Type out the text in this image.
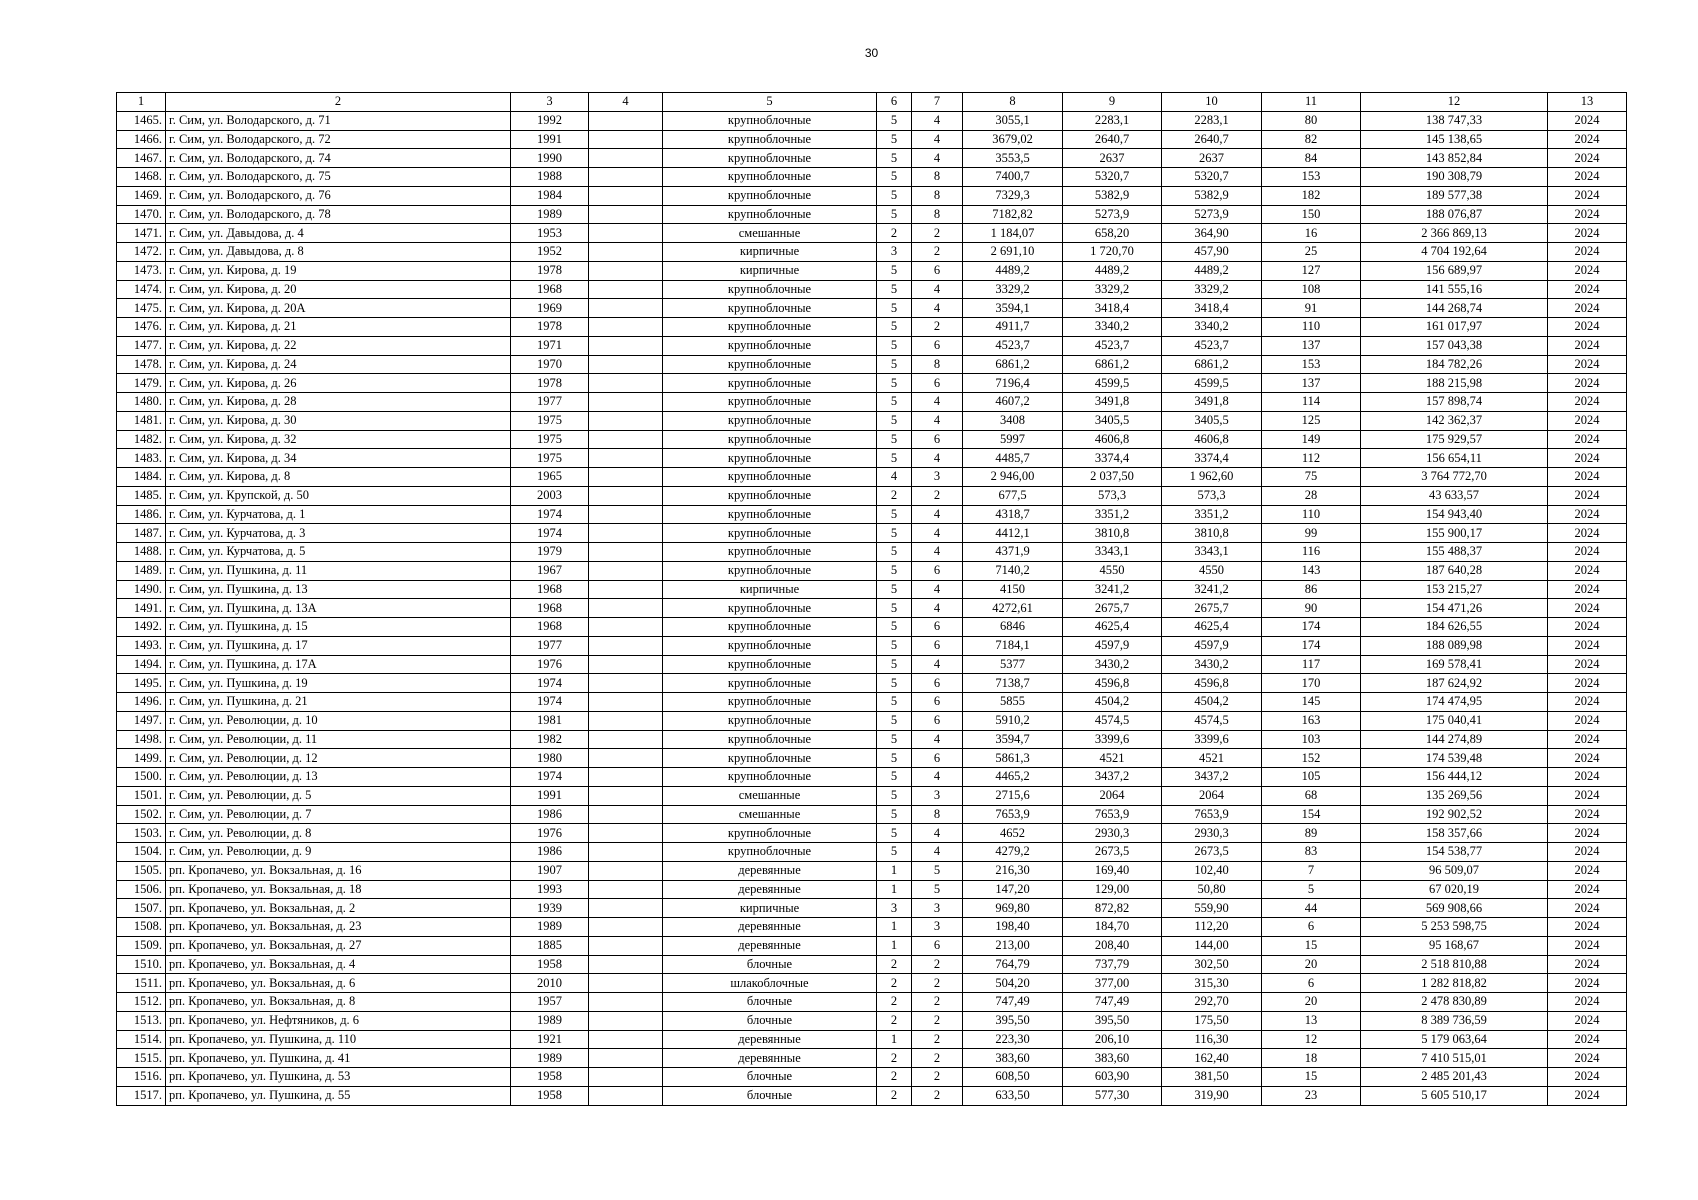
30
1	2	3	4	5	6	7	8	9	10	11	12	13
1465.	г. Сим, ул. Володарского, д. 71	1992		крупноблочные	5	4	3055,1	2283,1	2283,1	80	138 747,33	2024
1466.	г. Сим, ул. Володарского, д. 72	1991		крупноблочные	5	4	3679,02	2640,7	2640,7	82	145 138,65	2024
1467.	г. Сим, ул. Володарского, д. 74	1990		крупноблочные	5	4	3553,5	2637	2637	84	143 852,84	2024
1468.	г. Сим, ул. Володарского, д. 75	1988		крупноблочные	5	8	7400,7	5320,7	5320,7	153	190 308,79	2024
1469.	г. Сим, ул. Володарского, д. 76	1984		крупноблочные	5	8	7329,3	5382,9	5382,9	182	189 577,38	2024
1470.	г. Сим, ул. Володарского, д. 78	1989		крупноблочные	5	8	7182,82	5273,9	5273,9	150	188 076,87	2024
1471.	г. Сим, ул. Давыдова, д. 4	1953		смешанные	2	2	1 184,07	658,20	364,90	16	2 366 869,13	2024
1472.	г. Сим, ул. Давыдова, д. 8	1952		кирпичные	3	2	2 691,10	1 720,70	457,90	25	4 704 192,64	2024
1473.	г. Сим, ул. Кирова, д. 19	1978		кирпичные	5	6	4489,2	4489,2	4489,2	127	156 689,97	2024
1474.	г. Сим, ул. Кирова, д. 20	1968		крупноблочные	5	4	3329,2	3329,2	3329,2	108	141 555,16	2024
1475.	г. Сим, ул. Кирова, д. 20А	1969		крупноблочные	5	4	3594,1	3418,4	3418,4	91	144 268,74	2024
1476.	г. Сим, ул. Кирова, д. 21	1978		крупноблочные	5	2	4911,7	3340,2	3340,2	110	161 017,97	2024
1477.	г. Сим, ул. Кирова, д. 22	1971		крупноблочные	5	6	4523,7	4523,7	4523,7	137	157 043,38	2024
1478.	г. Сим, ул. Кирова, д. 24	1970		крупноблочные	5	8	6861,2	6861,2	6861,2	153	184 782,26	2024
1479.	г. Сим, ул. Кирова, д. 26	1978		крупноблочные	5	6	7196,4	4599,5	4599,5	137	188 215,98	2024
1480.	г. Сим, ул. Кирова, д. 28	1977		крупноблочные	5	4	4607,2	3491,8	3491,8	114	157 898,74	2024
1481.	г. Сим, ул. Кирова, д. 30	1975		крупноблочные	5	4	3408	3405,5	3405,5	125	142 362,37	2024
1482.	г. Сим, ул. Кирова, д. 32	1975		крупноблочные	5	6	5997	4606,8	4606,8	149	175 929,57	2024
1483.	г. Сим, ул. Кирова, д. 34	1975		крупноблочные	5	4	4485,7	3374,4	3374,4	112	156 654,11	2024
1484.	г. Сим, ул. Кирова, д. 8	1965		крупноблочные	4	3	2 946,00	2 037,50	1 962,60	75	3 764 772,70	2024
1485.	г. Сим, ул. Крупской, д. 50	2003		крупноблочные	2	2	677,5	573,3	573,3	28	43 633,57	2024
1486.	г. Сим, ул. Курчатова, д. 1	1974		крупноблочные	5	4	4318,7	3351,2	3351,2	110	154 943,40	2024
1487.	г. Сим, ул. Курчатова, д. 3	1974		крупноблочные	5	4	4412,1	3810,8	3810,8	99	155 900,17	2024
1488.	г. Сим, ул. Курчатова, д. 5	1979		крупноблочные	5	4	4371,9	3343,1	3343,1	116	155 488,37	2024
1489.	г. Сим, ул. Пушкина, д. 11	1967		крупноблочные	5	6	7140,2	4550	4550	143	187 640,28	2024
1490.	г. Сим, ул. Пушкина, д. 13	1968		кирпичные	5	4	4150	3241,2	3241,2	86	153 215,27	2024
1491.	г. Сим, ул. Пушкина, д. 13А	1968		крупноблочные	5	4	4272,61	2675,7	2675,7	90	154 471,26	2024
1492.	г. Сим, ул. Пушкина, д. 15	1968		крупноблочные	5	6	6846	4625,4	4625,4	174	184 626,55	2024
1493.	г. Сим, ул. Пушкина, д. 17	1977		крупноблочные	5	6	7184,1	4597,9	4597,9	174	188 089,98	2024
1494.	г. Сим, ул. Пушкина, д. 17А	1976		крупноблочные	5	4	5377	3430,2	3430,2	117	169 578,41	2024
1495.	г. Сим, ул. Пушкина, д. 19	1974		крупноблочные	5	6	7138,7	4596,8	4596,8	170	187 624,92	2024
1496.	г. Сим, ул. Пушкина, д. 21	1974		крупноблочные	5	6	5855	4504,2	4504,2	145	174 474,95	2024
1497.	г. Сим, ул. Революции, д. 10	1981		крупноблочные	5	6	5910,2	4574,5	4574,5	163	175 040,41	2024
1498.	г. Сим, ул. Революции, д. 11	1982		крупноблочные	5	4	3594,7	3399,6	3399,6	103	144 274,89	2024
1499.	г. Сим, ул. Революции, д. 12	1980		крупноблочные	5	6	5861,3	4521	4521	152	174 539,48	2024
1500.	г. Сим, ул. Революции, д. 13	1974		крупноблочные	5	4	4465,2	3437,2	3437,2	105	156 444,12	2024
1501.	г. Сим, ул. Революции, д. 5	1991		смешанные	5	3	2715,6	2064	2064	68	135 269,56	2024
1502.	г. Сим, ул. Революции, д. 7	1986		смешанные	5	8	7653,9	7653,9	7653,9	154	192 902,52	2024
1503.	г. Сим, ул. Революции, д. 8	1976		крупноблочные	5	4	4652	2930,3	2930,3	89	158 357,66	2024
1504.	г. Сим, ул. Революции, д. 9	1986		крупноблочные	5	4	4279,2	2673,5	2673,5	83	154 538,77	2024
1505.	рп. Кропачево, ул. Вокзальная, д. 16	1907		деревянные	1	5	216,30	169,40	102,40	7	96 509,07	2024
1506.	рп. Кропачево, ул. Вокзальная, д. 18	1993		деревянные	1	5	147,20	129,00	50,80	5	67 020,19	2024
1507.	рп. Кропачево, ул. Вокзальная, д. 2	1939		кирпичные	3	3	969,80	872,82	559,90	44	569 908,66	2024
1508.	рп. Кропачево, ул. Вокзальная, д. 23	1989		деревянные	1	3	198,40	184,70	112,20	6	5 253 598,75	2024
1509.	рп. Кропачево, ул. Вокзальная, д. 27	1885		деревянные	1	6	213,00	208,40	144,00	15	95 168,67	2024
1510.	рп. Кропачево, ул. Вокзальная, д. 4	1958		блочные	2	2	764,79	737,79	302,50	20	2 518 810,88	2024
1511.	рп. Кропачево, ул. Вокзальная, д. 6	2010		шлакоблочные	2	2	504,20	377,00	315,30	6	1 282 818,82	2024
1512.	рп. Кропачево, ул. Вокзальная, д. 8	1957		блочные	2	2	747,49	747,49	292,70	20	2 478 830,89	2024
1513.	рп. Кропачево, ул. Нефтяников, д. 6	1989		блочные	2	2	395,50	395,50	175,50	13	8 389 736,59	2024
1514.	рп. Кропачево, ул. Пушкина, д. 110	1921		деревянные	1	2	223,30	206,10	116,30	12	5 179 063,64	2024
1515.	рп. Кропачево, ул. Пушкина, д. 41	1989		деревянные	2	2	383,60	383,60	162,40	18	7 410 515,01	2024
1516.	рп. Кропачево, ул. Пушкина, д. 53	1958		блочные	2	2	608,50	603,90	381,50	15	2 485 201,43	2024
1517.	рп. Кропачево, ул. Пушкина, д. 55	1958		блочные	2	2	633,50	577,30	319,90	23	5 605 510,17	2024
